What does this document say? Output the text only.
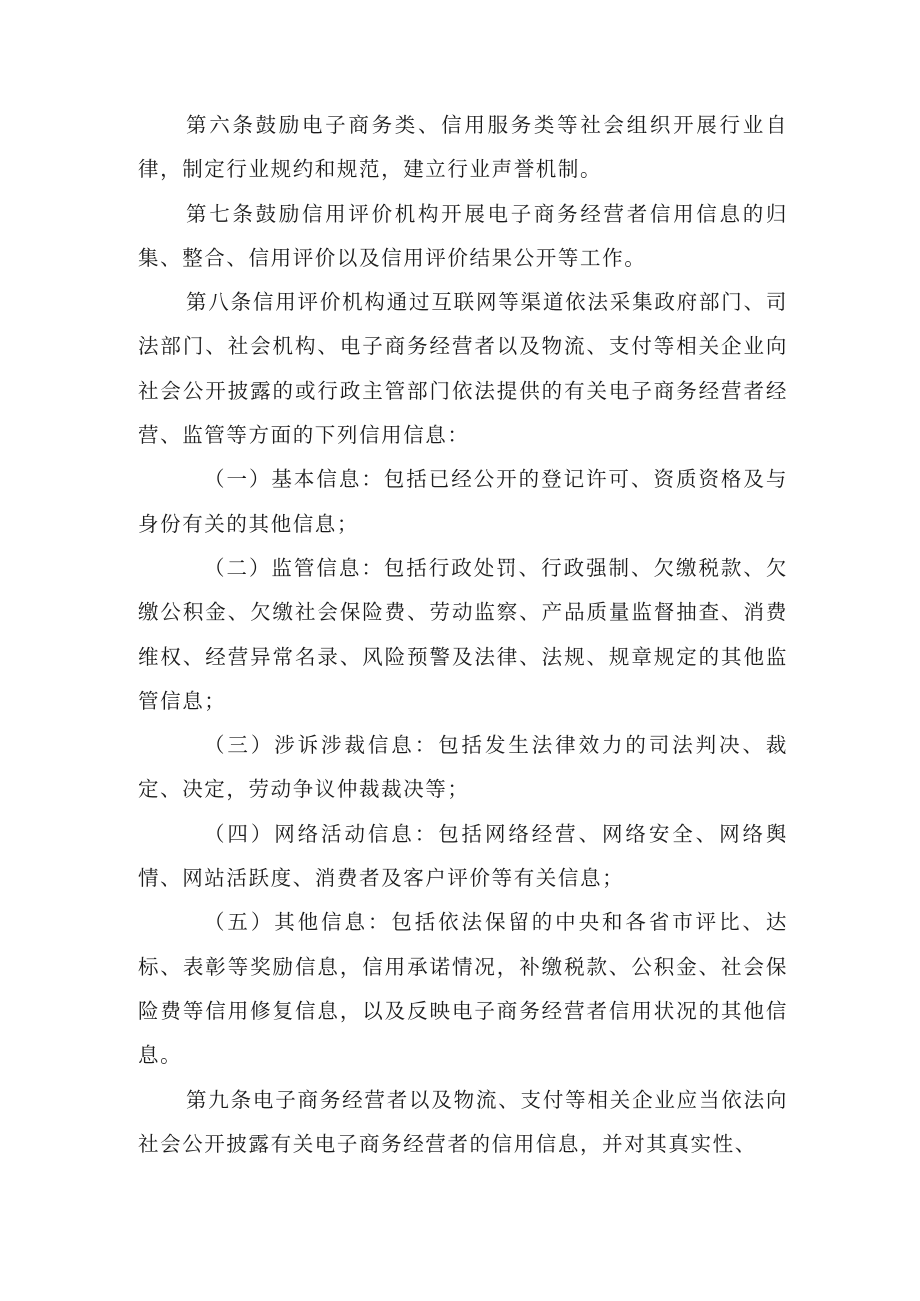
第六条鼓励电子商务类、信用服务类等社会组织开展行业自律，制定行业规约和规范，建立行业声誉机制。

第七条鼓励信用评价机构开展电子商务经营者信用信息的归集、整合、信用评价以及信用评价结果公开等工作。

第八条信用评价机构通过互联网等渠道依法采集政府部门、司法部门、社会机构、电子商务经营者以及物流、支付等相关企业向社会公开披露的或行政主管部门依法提供的有关电子商务经营者经营、监管等方面的下列信用信息：

（一）基本信息：包括已经公开的登记许可、资质资格及与身份有关的其他信息；

（二）监管信息：包括行政处罚、行政强制、欠缴税款、欠缴公积金、欠缴社会保险费、劳动监察、产品质量监督抽查、消费维权、经营异常名录、风险预警及法律、法规、规章规定的其他监管信息；

（三）涉诉涉裁信息：包括发生法律效力的司法判决、裁定、决定，劳动争议仲裁裁决等；

（四）网络活动信息：包括网络经营、网络安全、网络舆情、网站活跃度、消费者及客户评价等有关信息；

（五）其他信息：包括依法保留的中央和各省市评比、达标、表彰等奖励信息，信用承诺情况，补缴税款、公积金、社会保险费等信用修复信息，以及反映电子商务经营者信用状况的其他信息。

第九条电子商务经营者以及物流、支付等相关企业应当依法向社会公开披露有关电子商务经营者的信用信息，并对其真实性、
